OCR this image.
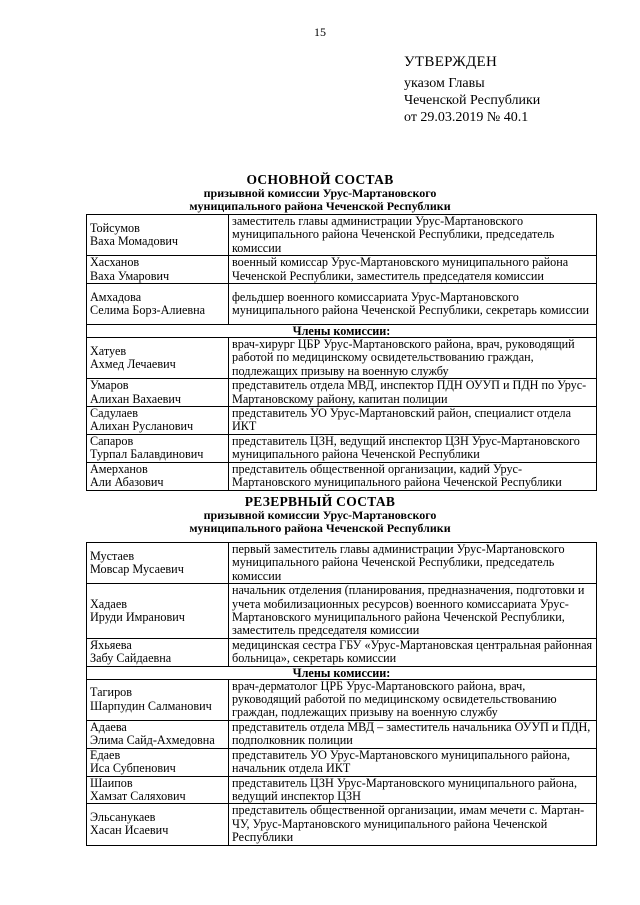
15
УТВЕРЖДЕН
указом Главы
Чеченской Республики
от 29.03.2019 № 40.1
ОСНОВНОЙ СОСТАВ
призывной комиссии Урус-Мартановского
муниципального района Чеченской Республики
Тойсумов
Ваха Момадович	заместитель главы администрации Урус-Мартановского муниципального района Чеченской Республики, председатель комиссии

Хасханов
Ваха Умарович	военный комиссар Урус-Мартановского муниципального района Чеченской Республики, заместитель председателя комиссии

Амхадова
Селима Борз-Алиевна	фельдшер военного комиссариата Урус-Мартановского муниципального района Чеченской Республики, секретарь комиссии
Члены комиссии:	

Хатуев
Ахмед Лечаевич	врач-хирург ЦБР Урус-Мартановского района, врач, руководящий работой по медицинскому освидетельствованию граждан, подлежащих призыву на военную службу

Умаров
Алихан Вахаевич	представитель отдела МВД, инспектор ПДН ОУУП и ПДН по Урус-Мартановскому району, капитан полиции

Садулаев
Алихан Русланович	представитель УО Урус-Мартановский район, специалист отдела ИКТ

Сапаров
Турпал Балавдинович	представитель ЦЗН, ведущий инспектор ЦЗН Урус-Мартановского муниципального района Чеченской Республики

Амерханов
Али Абазович	представитель общественной организации, кадий Урус-Мартановского муниципального района Чеченской Республики
РЕЗЕРВНЫЙ СОСТАВ
призывной комиссии Урус-Мартановского
муниципального района Чеченской Республики
Мустаев
Мовсар Мусаевич	первый заместитель главы администрации Урус-Мартановского муниципального района Чеченской Республики, председатель комиссии

Хадаев
Ируди Имранович	начальник отделения (планирования, предназначения, подготовки и учета мобилизационных ресурсов) военного комиссариата Урус-Мартановского муниципального района Чеченской Республики, заместитель председателя комиссии

Яхьяева
Забу Сайдаевна	медицинская сестра ГБУ «Урус-Мартановская центральная районная больница», секретарь комиссии
Члены комиссии:	

Тагиров
Шарпудин Салманович	врач-дерматолог ЦРБ Урус-Мартановского района, врач, руководящий работой по медицинскому освидетельствованию граждан, подлежащих призыву на военную службу

Адаева
Элима Сайд-Ахмедовна	представитель отдела МВД – заместитель начальника ОУУП и ПДН, подполковник полиции

Едаев
Иса Субпенович	представитель УО Урус-Мартановского муниципального района, начальник отдела ИКТ

Шаипов
Хамзат Саляхович	представитель ЦЗН Урус-Мартановского муниципального района, ведущий инспектор ЦЗН

Эльсанукаев
Хасан Исаевич	представитель общественной организации, имам мечети с. Мартан-ЧУ, Урус-Мартановского муниципального района Чеченской Республики
